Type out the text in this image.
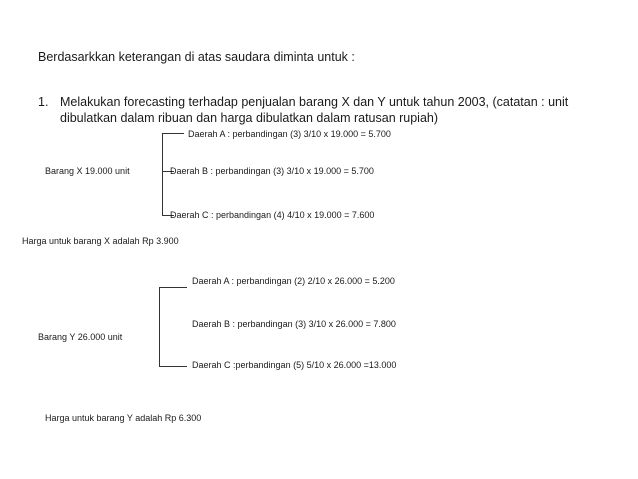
Berdasarkkan keterangan di atas saudara diminta untuk :
1. Melakukan forecasting terhadap penjualan barang X dan Y untuk tahun 2003, (catatan : unit
dibulatkan dalam ribuan dan harga dibulatkan dalam ratusan rupiah)
Barang X 19.000 unit
Daerah A : perbandingan (3) 3/10 x 19.000 = 5.700
Daerah B : perbandingan (3) 3/10 x 19.000 = 5.700
Daerah C : perbandingan (4) 4/10 x 19.000 = 7.600
Harga untuk barang X adalah Rp 3.900
Daerah A : perbandingan (2) 2/10 x 26.000 = 5.200
Daerah B : perbandingan (3) 3/10 x 26.000 = 7.800
Barang Y 26.000 unit
Daerah C :perbandingan (5) 5/10 x 26.000 =13.000
Harga untuk barang Y adalah Rp 6.300
